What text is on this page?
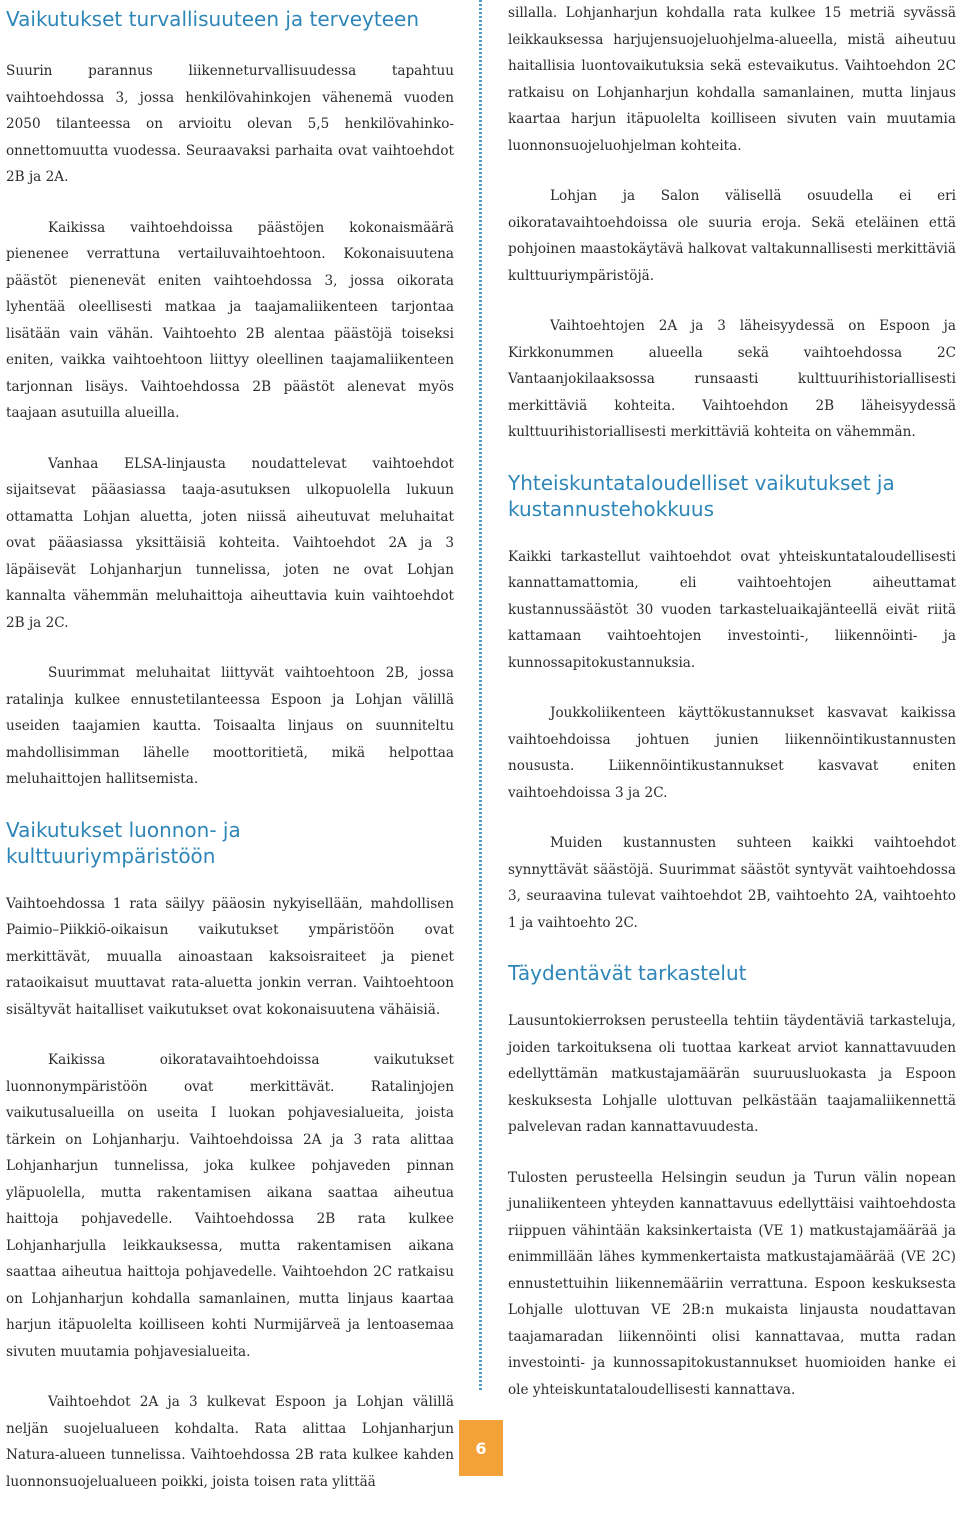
Vaikutukset turvallisuuteen ja terveyteen

Suurin parannus liikenneturvallisuudessa tapahtuu vaihtoehdossa 3, jossa henkilövahinkojen vähenemä vuoden 2050 tilanteessa on arvioitu olevan 5,5 henkilövahinko-onnettomuutta vuodessa. Seuraavaksi parhaita ovat vaihtoehdot 2B ja 2A.

Kaikissa vaihtoehdoissa päästöjen kokonaismäärä pienenee verrattuna vertailuvaihtoehtoon. Kokonaisuutena päästöt pienenevät eniten vaihtoehdossa 3, jossa oikorata lyhentää oleellisesti matkaa ja taajamaliikenteen tarjontaa lisätään vain vähän. Vaihtoehto 2B alentaa päästöjä toiseksi eniten, vaikka vaihtoehtoon liittyy oleellinen taajamaliikenteen tarjonnan lisäys. Vaihtoehdossa 2B päästöt alenevat myös taajaan asutuilla alueilla.

Vanhaa ELSA-linjausta noudattelevat vaihtoehdot sijaitsevat pääasiassa taaja-asutuksen ulkopuolella lukuun ottamatta Lohjan aluetta, joten niissä aiheutuvat meluhaitat ovat pääasiassa yksittäisiä kohteita. Vaihtoehdot 2A ja 3 läpäisevät Lohjanharjun tunnelissa, joten ne ovat Lohjan kannalta vähemmän meluhaittoja aiheuttavia kuin vaihtoehdot 2B ja 2C.

Suurimmat meluhaitat liittyvät vaihtoehtoon 2B, jossa ratalinja kulkee ennustetilanteessa Espoon ja Lohjan välillä useiden taajamien kautta. Toisaalta linjaus on suunniteltu mahdollisimman lähelle moottoritietä, mikä helpottaa meluhaittojen hallitsemista.

Vaikutukset luonnon- ja kulttuuriympäristöön

Vaihtoehdossa 1 rata säilyy pääosin nykyisellään, mahdollisen Paimio–Piikkiö-oikaisun vaikutukset ympäristöön ovat merkittävät, muualla ainoastaan kaksoisraiteet ja pienet rataoikaisut muuttavat rata-aluetta jonkin verran. Vaihtoehtoon sisältyvät haitalliset vaikutukset ovat kokonaisuutena vähäisiä.

Kaikissa oikoratavaihtoehdoissa vaikutukset luonnonympäristöön ovat merkittävät. Ratalinjojen vaikutusalueilla on useita I luokan pohjavesialueita, joista tärkein on Lohjanharju. Vaihtoehdoissa 2A ja 3 rata alittaa Lohjanharjun tunnelissa, joka kulkee pohjaveden pinnan yläpuolella, mutta rakentamisen aikana saattaa aiheutua haittoja pohjavedelle. Vaihtoehdossa 2B rata kulkee Lohjanharjulla leikkauksessa, mutta rakentamisen aikana saattaa aiheutua haittoja pohjavedelle. Vaihtoehdon 2C ratkaisu on Lohjanharjun kohdalla samanlainen, mutta linjaus kaartaa harjun itäpuolelta koilliseen kohti Nurmijärveä ja lentoasemaa sivuten muutamia pohjavesialueita.

Vaihtoehdot 2A ja 3 kulkevat Espoon ja Lohjan välillä neljän suojelualueen kohdalta. Rata alittaa Lohjanharjun Natura-alueen tunnelissa. Vaihtoehdossa 2B rata kulkee kahden luonnonsuojelualueen poikki, joista toisen rata ylittää

sillalla. Lohjanharjun kohdalla rata kulkee 15 metriä syvässä leikkauksessa harjujensuojeluohjelma-alueella, mistä aiheutuu haitallisia luontovaikutuksia sekä estevaikutus. Vaihtoehdon 2C ratkaisu on Lohjanharjun kohdalla samanlainen, mutta linjaus kaartaa harjun itäpuolelta koilliseen sivuten vain muutamia luonnonsuojeluohjelman kohteita.

Lohjan ja Salon välisellä osuudella ei eri oikoratavaihtoehdoissa ole suuria eroja. Sekä eteläinen että pohjoinen maastokäytävä halkovat valtakunnallisesti merkittäviä kulttuuriympäristöjä.

Vaihtoehtojen 2A ja 3 läheisyydessä on Espoon ja Kirkkonummen alueella sekä vaihtoehdossa 2C Vantaanjokilaaksossa runsaasti kulttuurihistoriallisesti merkittäviä kohteita. Vaihtoehdon 2B läheisyydessä kulttuurihistoriallisesti merkittäviä kohteita on vähemmän.

Yhteiskuntataloudelliset vaikutukset ja kustannustehokkuus

Kaikki tarkastellut vaihtoehdot ovat yhteiskuntataloudellisesti kannattamattomia, eli vaihtoehtojen aiheuttamat kustannussäästöt 30 vuoden tarkasteluaikajänteellä eivät riitä kattamaan vaihtoehtojen investointi-, liikennöinti- ja kunnossapitokustannuksia.

Joukkoliikenteen käyttökustannukset kasvavat kaikissa vaihtoehdoissa johtuen junien liikennöintikustannusten noususta. Liikennöintikustannukset kasvavat eniten vaihtoehdoissa 3 ja 2C.

Muiden kustannusten suhteen kaikki vaihtoehdot synnyttävät säästöjä. Suurimmat säästöt syntyvät vaihtoehdossa 3, seuraavina tulevat vaihtoehdot 2B, vaihtoehto 2A, vaihtoehto 1 ja vaihtoehto 2C.

Täydentävät tarkastelut

Lausuntokierroksen perusteella tehtiin täydentäviä tarkasteluja, joiden tarkoituksena oli tuottaa karkeat arviot kannattavuuden edellyttämän matkustajamäärän suuruusluokasta ja Espoon keskuksesta Lohjalle ulottuvan pelkästään taajamaliikennettä palvelevan radan kannattavuudesta.

Tulosten perusteella Helsingin seudun ja Turun välin nopean junaliikenteen yhteyden kannattavuus edellyttäisi vaihtoehdosta riippuen vähintään kaksinkertaista (VE 1) matkustajamäärää ja enimmillään lähes kymmenkertaista matkustajamäärää (VE 2C) ennustettuihin liikennemääriin verrattuna. Espoon keskuksesta Lohjalle ulottuvan VE 2B:n mukaista linjausta noudattavan taajamaradan liikennöinti olisi kannattavaa, mutta radan investointi- ja kunnossapitokustannukset huomioiden hanke ei ole yhteiskuntataloudellisesti kannattava.

6
